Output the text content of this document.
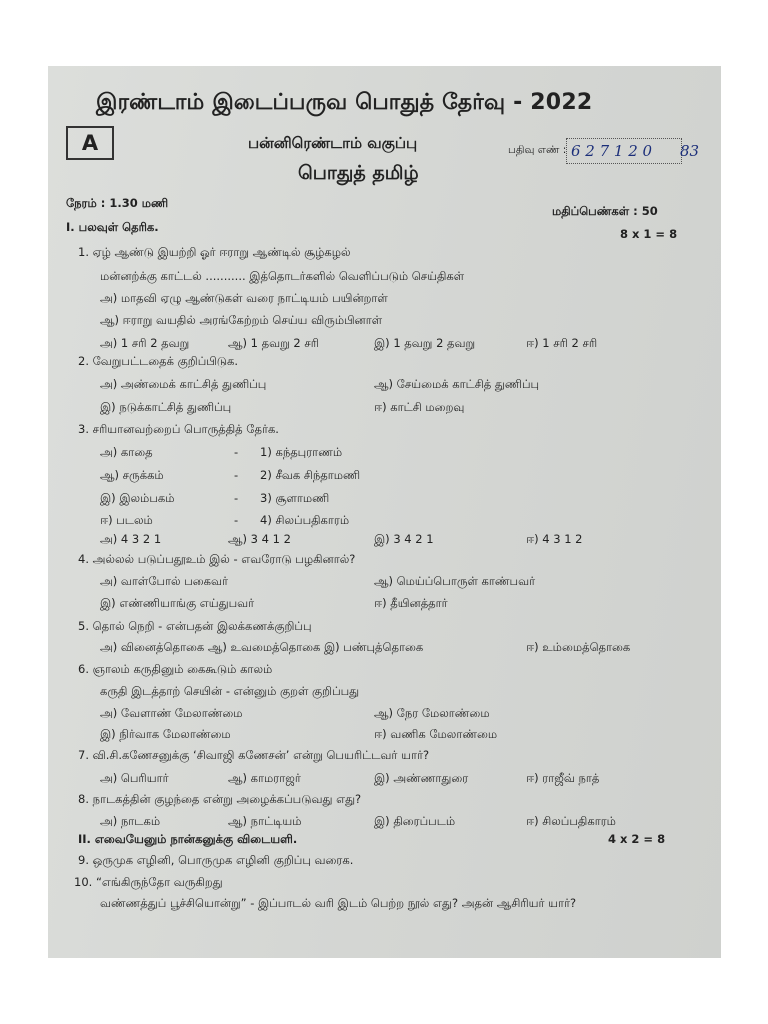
இரண்டாம் இடைப்பருவ பொதுத் தேர்வு - 2022
A	பன்னிரெண்டாம் வகுப்பு	பதிவு எண் : 6 2 7 1 2 0 83
பொதுத் தமிழ்
நேரம் : 1.30 மணி
மதிப்பெண்கள் : 50
I. பலவுள் தெரிக.	8 x 1 = 8
1. ஏழ் ஆண்டு இயற்றி ஓர் ஈராறு ஆண்டில் சூழ்கழல்
மன்னற்க்கு காட்டல் ........... இத்தொடர்களில் வெளிப்படும் செய்திகள்
அ) மாதவி ஏழு ஆண்டுகள் வரை நாட்டியம் பயின்றாள்
ஆ) ஈராறு வயதில் அரங்கேற்றம் செய்ய விரும்பினாள்
அ) 1 சரி 2 தவறு	ஆ) 1 தவறு 2 சரி	இ) 1 தவறு 2 தவறு	ஈ) 1 சரி 2 சரி
2. வேறுபட்டதைக் குறிப்பிடுக.
அ) அண்மைக் காட்சித் துணிப்பு	ஆ) சேய்மைக் காட்சித் துணிப்பு
இ) நடுக்காட்சித் துணிப்பு	ஈ) காட்சி மறைவு
3. சரியானவற்றைப் பொருத்தித் தேர்க.
அ) காதை	- 1) கந்தபுராணம்
ஆ) சருக்கம்	- 2) சீவக சிந்தாமணி
இ) இலம்பகம்	- 3) சூளாமணி
ஈ) படலம்	- 4) சிலப்பதிகாரம்
அ) 4 3 2 1	ஆ) 3 4 1 2	இ) 3 4 2 1	ஈ) 4 3 1 2
4. அல்லல் படுப்பதூஉம் இல் - எவரோடு பழகினால்?
அ) வாள்போல் பகைவர்	ஆ) மெய்ப்பொருள் காண்பவர்
இ) எண்ணியாங்கு எய்துபவர்	ஈ) தீயினத்தார்
5. தொல் நெறி - என்பதன் இலக்கணக்குறிப்பு
அ) வினைத்தொகை ஆ) உவமைத்தொகை இ) பண்புத்தொகை	ஈ) உம்மைத்தொகை
6. ஞாலம் கருதினும் கைகூடும் காலம்
கருதி இடத்தாற் செயின் - என்னும் குறள் குறிப்பது
அ) வேளாண் மேலாண்மை	ஆ) நேர மேலாண்மை
இ) நிர்வாக மேலாண்மை	ஈ) வணிக மேலாண்மை
7. வி.சி.கணேசனுக்கு ‘சிவாஜி கணேசன்’ என்று பெயரிட்டவர் யார்?
அ) பெரியார்	ஆ) காமராஜர்	இ) அண்ணாதுரை	ஈ) ராஜீவ் நாத்
8. நாடகத்தின் குழந்தை என்று அழைக்கப்படுவது எது?
அ) நாடகம்	ஆ) நாட்டியம்	இ) திரைப்படம்	ஈ) சிலப்பதிகாரம்
II. எவையேனும் நான்கனுக்கு விடையளி.	4 x 2 = 8
9. ஒருமுக எழினி, பொருமுக எழினி குறிப்பு வரைக.
10. “எங்கிருந்தோ வருகிறது
வண்ணத்துப் பூச்சியொன்று” - இப்பாடல் வரி இடம் பெற்ற நூல் எது? அதன் ஆசிரியர் யார்?
